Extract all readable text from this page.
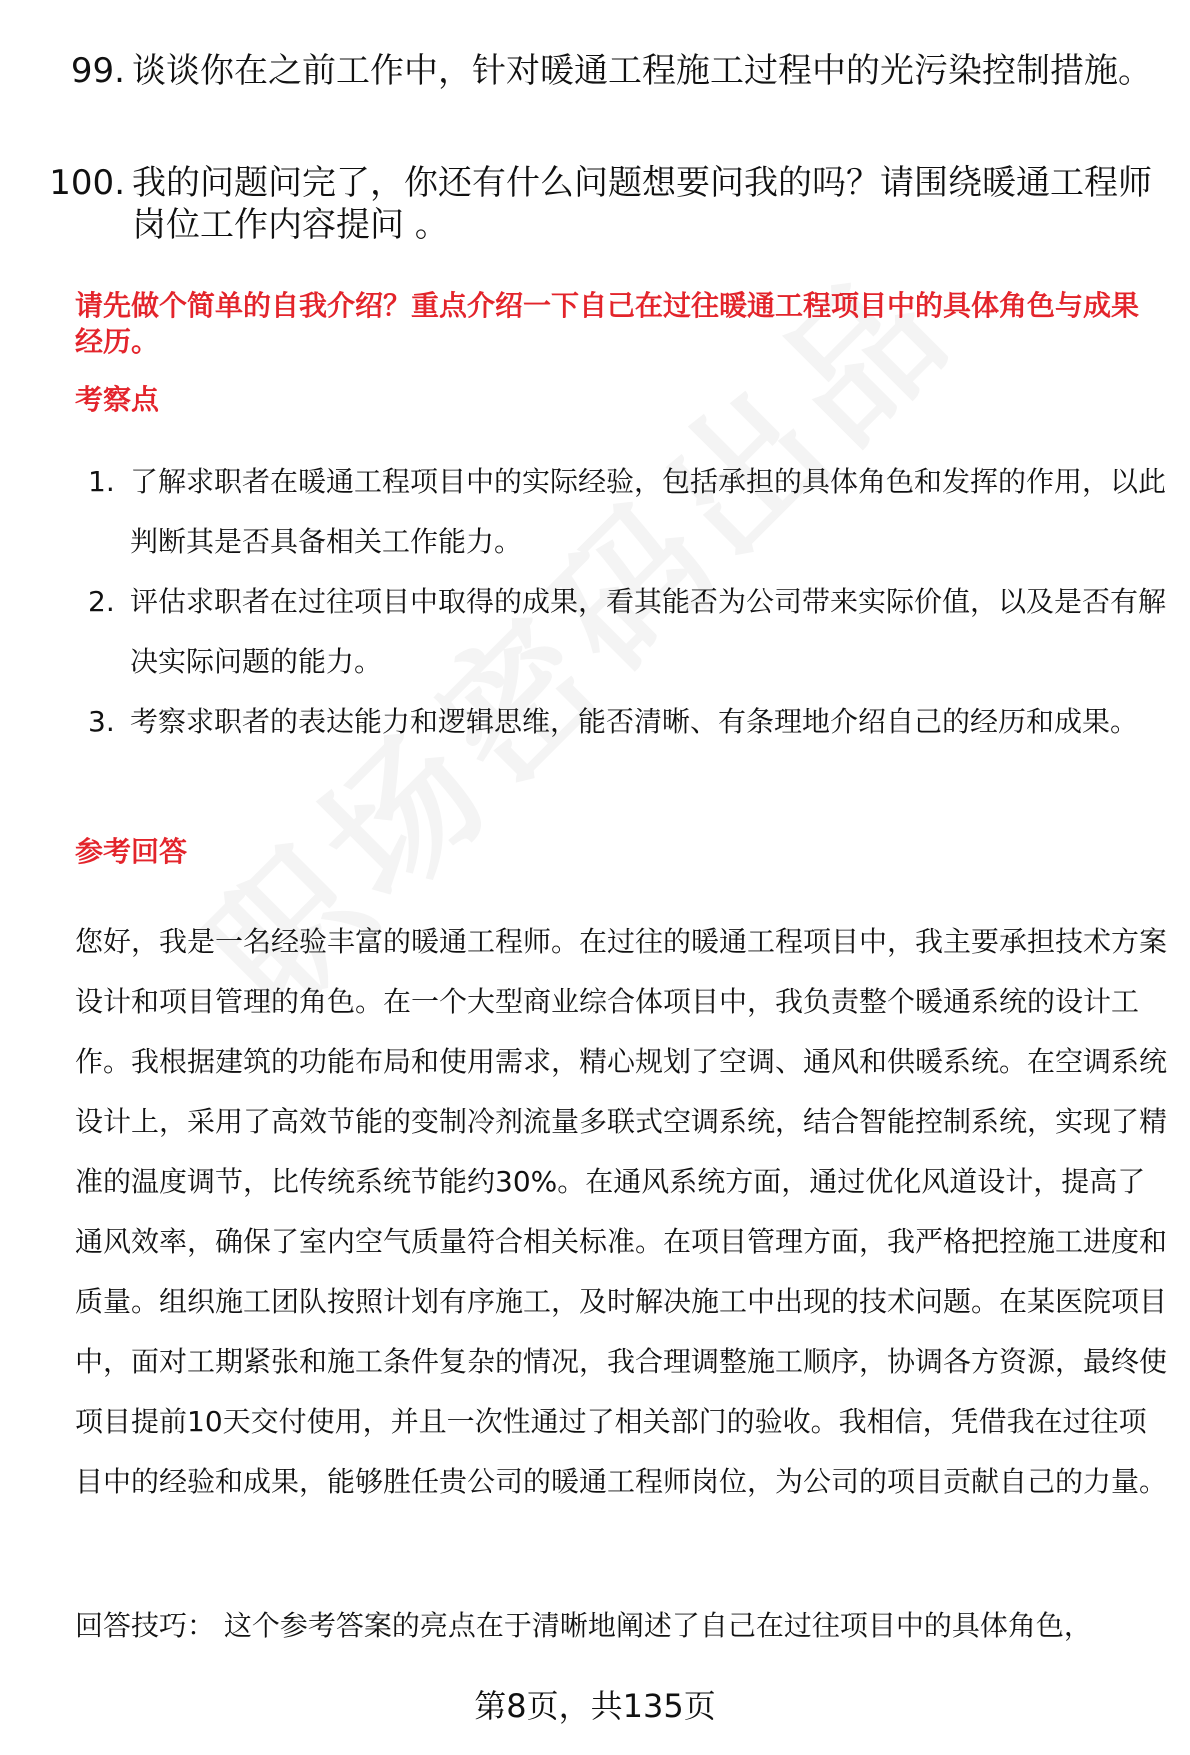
99. 谈谈你在之前工作中，针对暖通工程施工过程中的光污染控制措施。
100. 我的问题问完了，你还有什么问题想要问我的吗？请围绕暖通工程师岗位工作内容提问 。
请先做个简单的自我介绍？重点介绍一下自己在过往暖通工程项目中的具体角色与成果经历。
考察点
1. 了解求职者在暖通工程项目中的实际经验，包括承担的具体角色和发挥的作用，以此判断其是否具备相关工作能力。
2. 评估求职者在过往项目中取得的成果，看其能否为公司带来实际价值，以及是否有解决实际问题的能力。
3. 考察求职者的表达能力和逻辑思维，能否清晰、有条理地介绍自己的经历和成果。
参考回答
您好，我是一名经验丰富的暖通工程师。在过往的暖通工程项目中，我主要承担技术方案设计和项目管理的角色。在一个大型商业综合体项目中，我负责整个暖通系统的设计工作。我根据建筑的功能布局和使用需求，精心规划了空调、通风和供暖系统。在空调系统设计上，采用了高效节能的变制冷剂流量多联式空调系统，结合智能控制系统，实现了精准的温度调节，比传统系统节能约30%。在通风系统方面，通过优化风道设计，提高了通风效率，确保了室内空气质量符合相关标准。在项目管理方面，我严格把控施工进度和质量。组织施工团队按照计划有序施工，及时解决施工中出现的技术问题。在某医院项目中，面对工期紧张和施工条件复杂的情况，我合理调整施工顺序，协调各方资源，最终使项目提前10天交付使用，并且一次性通过了相关部门的验收。我相信，凭借我在过往项目中的经验和成果，能够胜任贵公司的暖通工程师岗位，为公司的项目贡献自己的力量。
回答技巧： 这个参考答案的亮点在于清晰地阐述了自己在过往项目中的具体角色，
第8页，共135页
